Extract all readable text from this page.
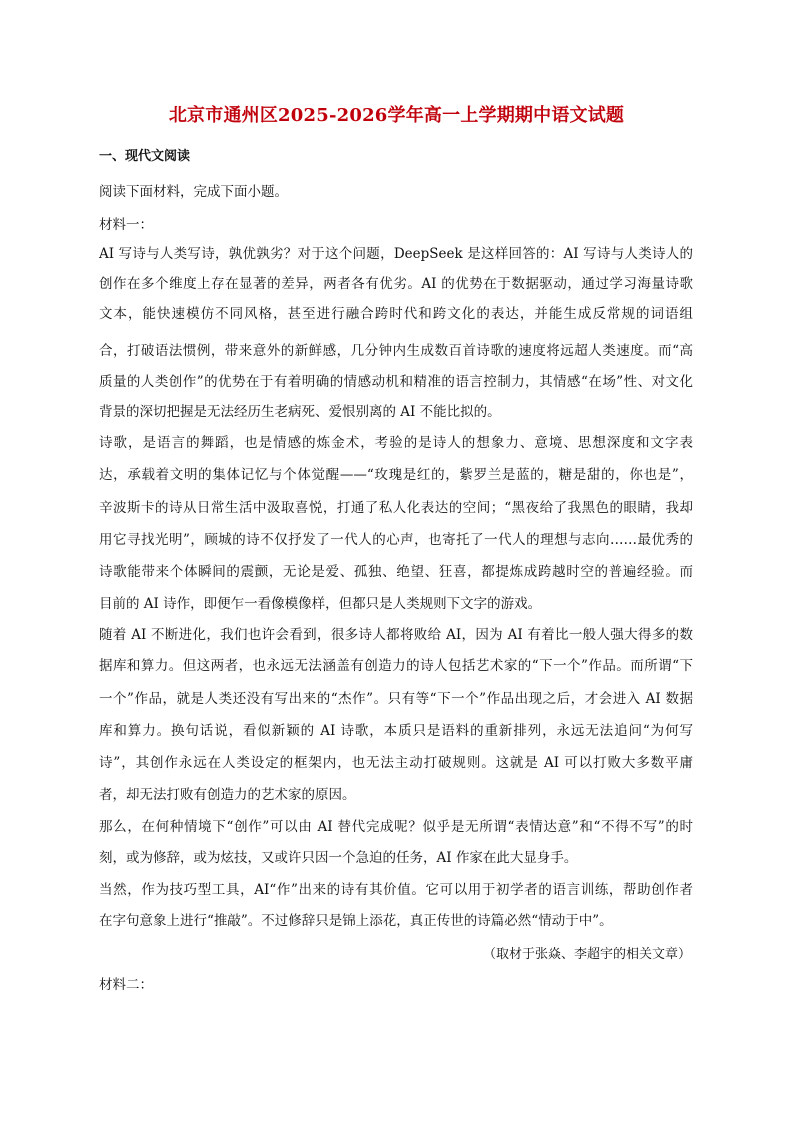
北京市通州区2025-2026学年高一上学期期中语文试题
一、现代文阅读
阅读下面材料，完成下面小题。
材料一：
AI 写诗与人类写诗，孰优孰劣？对于这个问题，DeepSeek 是这样回答的：AI 写诗与人类诗人的
创作在多个维度上存在显著的差异，两者各有优劣。AI 的优势在于数据驱动，通过学习海量诗歌
文本，能快速模仿不同风格，甚至进行融合跨时代和跨文化的表达，并能生成反常规的词语组
合，打破语法惯例，带来意外的新鲜感，几分钟内生成数百首诗歌的速度将远超人类速度。而“高
质量的人类创作”的优势在于有着明确的情感动机和精准的语言控制力，其情感“在场”性、对文化
背景的深切把握是无法经历生老病死、爱恨别离的 AI 不能比拟的。
诗歌，是语言的舞蹈，也是情感的炼金术，考验的是诗人的想象力、意境、思想深度和文字表
达，承载着文明的集体记忆与个体觉醒——“玫瑰是红的，紫罗兰是蓝的，糖是甜的，你也是”，
辛波斯卡的诗从日常生活中汲取喜悦，打通了私人化表达的空间；“黑夜给了我黑色的眼睛，我却
用它寻找光明”，顾城的诗不仅抒发了一代人的心声，也寄托了一代人的理想与志向……最优秀的
诗歌能带来个体瞬间的震颤，无论是爱、孤独、绝望、狂喜，都提炼成跨越时空的普遍经验。而
目前的 AI 诗作，即便乍一看像模像样，但都只是人类规则下文字的游戏。
随着 AI 不断进化，我们也许会看到，很多诗人都将败给 AI，因为 AI 有着比一般人强大得多的数
据库和算力。但这两者，也永远无法涵盖有创造力的诗人包括艺术家的“下一个”作品。而所谓“下
一个”作品，就是人类还没有写出来的“杰作”。只有等“下一个”作品出现之后，才会进入 AI 数据
库和算力。换句话说，看似新颖的 AI 诗歌，本质只是语料的重新排列，永远无法追问“为何写
诗”，其创作永远在人类设定的框架内，也无法主动打破规则。这就是 AI 可以打败大多数平庸
者，却无法打败有创造力的艺术家的原因。
那么，在何种情境下“创作”可以由 AI 替代完成呢？似乎是无所谓“表情达意”和“不得不写”的时
刻，或为修辞，或为炫技，又或许只因一个急迫的任务，AI 作家在此大显身手。
当然，作为技巧型工具，AI“作”出来的诗有其价值。它可以用于初学者的语言训练，帮助创作者
在字句意象上进行“推敲”。不过修辞只是锦上添花，真正传世的诗篇必然“情动于中”。
（取材于张焱、李超宇的相关文章）
材料二：
